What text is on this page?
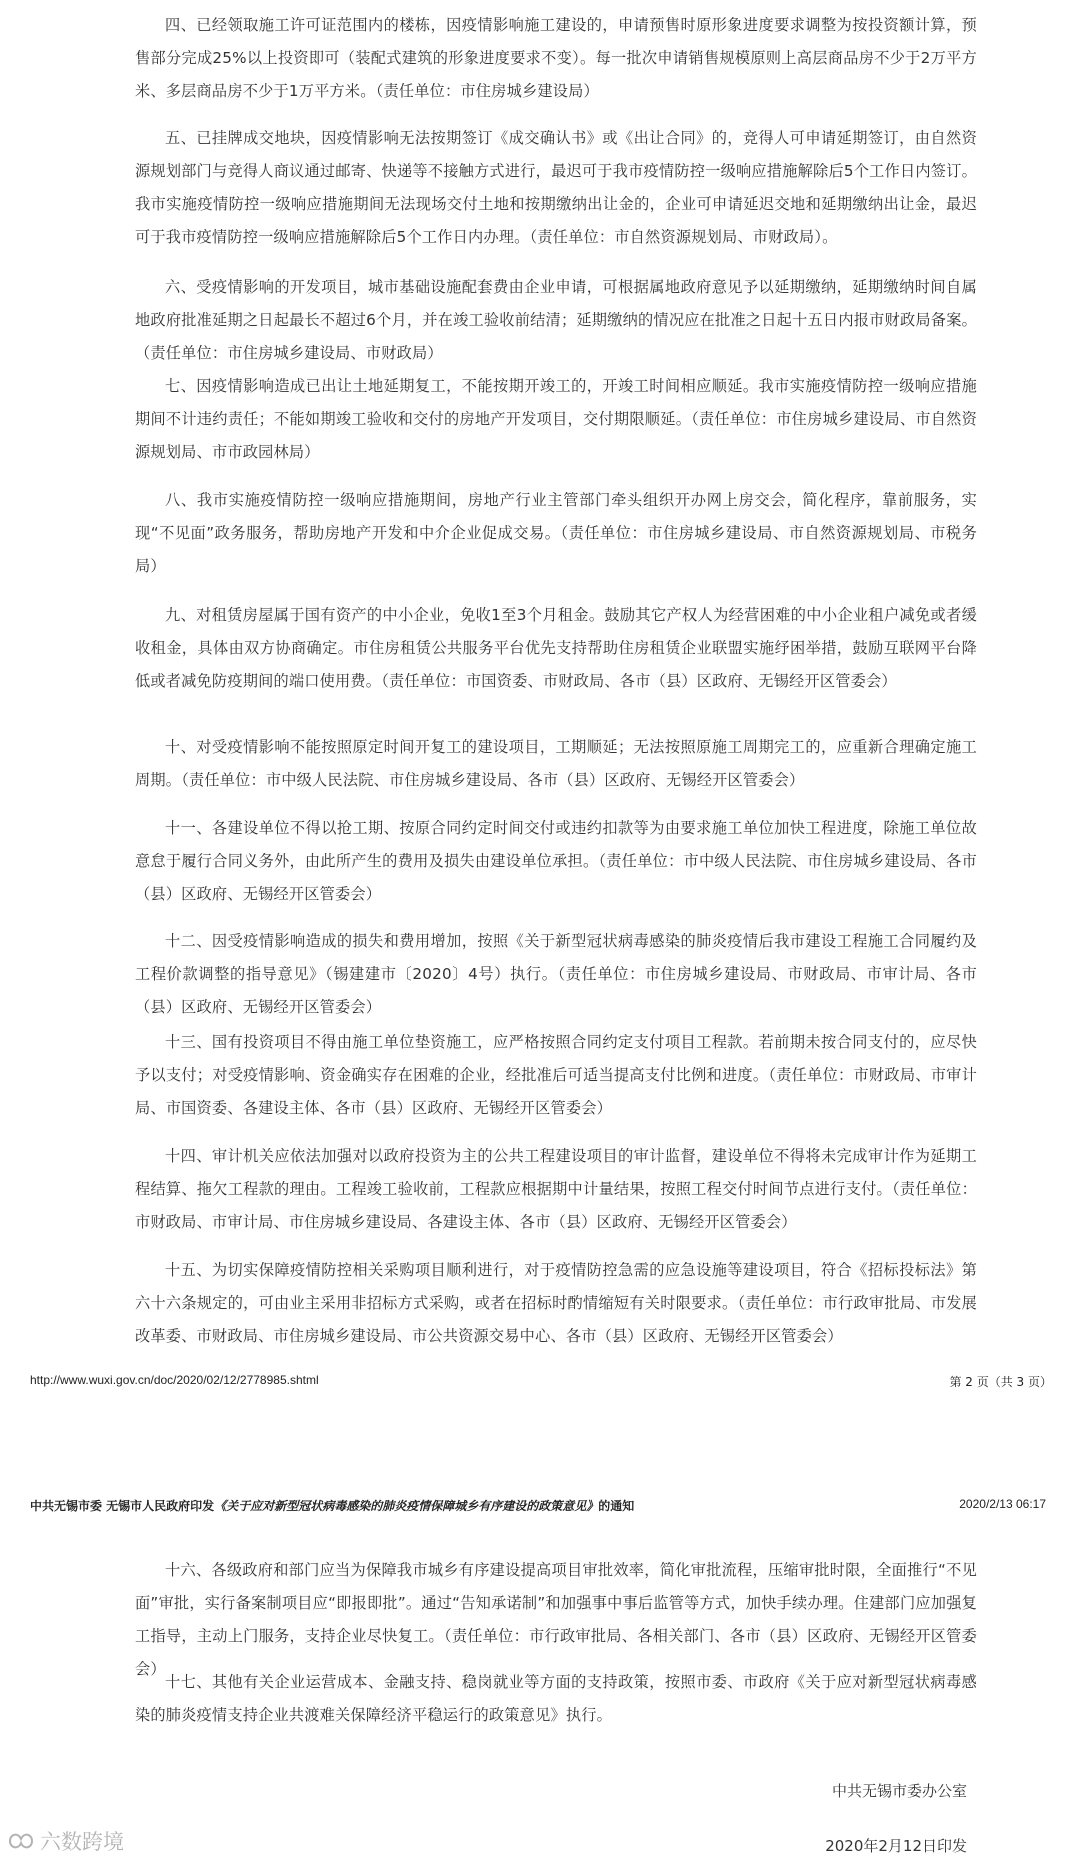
四、已经领取施工许可证范围内的楼栋，因疫情影响施工建设的，申请预售时原形象进度要求调整为按投资额计算，预售部分完成25%以上投资即可（装配式建筑的形象进度要求不变）。每一批次申请销售规模原则上高层商品房不少于2万平方米、多层商品房不少于1万平方米。（责任单位：市住房城乡建设局）

五、已挂牌成交地块，因疫情影响无法按期签订《成交确认书》或《出让合同》的，竞得人可申请延期签订，由自然资源规划部门与竞得人商议通过邮寄、快递等不接触方式进行，最迟可于我市疫情防控一级响应措施解除后5个工作日内签订。我市实施疫情防控一级响应措施期间无法现场交付土地和按期缴纳出让金的，企业可申请延迟交地和延期缴纳出让金，最迟可于我市疫情防控一级响应措施解除后5个工作日内办理。（责任单位：市自然资源规划局、市财政局）。

六、受疫情影响的开发项目，城市基础设施配套费由企业申请，可根据属地政府意见予以延期缴纳，延期缴纳时间自属地政府批准延期之日起最长不超过6个月，并在竣工验收前结清；延期缴纳的情况应在批准之日起十五日内报市财政局备案。（责任单位：市住房城乡建设局、市财政局）

七、因疫情影响造成已出让土地延期复工，不能按期开竣工的，开竣工时间相应顺延。我市实施疫情防控一级响应措施期间不计违约责任；不能如期竣工验收和交付的房地产开发项目，交付期限顺延。（责任单位：市住房城乡建设局、市自然资源规划局、市市政园林局）

八、我市实施疫情防控一级响应措施期间，房地产行业主管部门牵头组织开办网上房交会，简化程序，靠前服务，实现“不见面”政务服务，帮助房地产开发和中介企业促成交易。（责任单位：市住房城乡建设局、市自然资源规划局、市税务局）

九、对租赁房屋属于国有资产的中小企业，免收1至3个月租金。鼓励其它产权人为经营困难的中小企业租户减免或者缓收租金，具体由双方协商确定。市住房租赁公共服务平台优先支持帮助住房租赁企业联盟实施纾困举措，鼓励互联网平台降低或者减免防疫期间的端口使用费。（责任单位：市国资委、市财政局、各市（县）区政府、无锡经开区管委会）

十、对受疫情影响不能按照原定时间开复工的建设项目，工期顺延；无法按照原施工周期完工的，应重新合理确定施工周期。（责任单位：市中级人民法院、市住房城乡建设局、各市（县）区政府、无锡经开区管委会）

十一、各建设单位不得以抢工期、按原合同约定时间交付或违约扣款等为由要求施工单位加快工程进度，除施工单位故意怠于履行合同义务外，由此所产生的费用及损失由建设单位承担。（责任单位：市中级人民法院、市住房城乡建设局、各市（县）区政府、无锡经开区管委会）

十二、因受疫情影响造成的损失和费用增加，按照《关于新型冠状病毒感染的肺炎疫情后我市建设工程施工合同履约及工程价款调整的指导意见》（锡建建市〔2020〕4号）执行。（责任单位：市住房城乡建设局、市财政局、市审计局、各市（县）区政府、无锡经开区管委会）

十三、国有投资项目不得由施工单位垫资施工，应严格按照合同约定支付项目工程款。若前期未按合同支付的，应尽快予以支付；对受疫情影响、资金确实存在困难的企业，经批准后可适当提高支付比例和进度。（责任单位：市财政局、市审计局、市国资委、各建设主体、各市（县）区政府、无锡经开区管委会）

十四、审计机关应依法加强对以政府投资为主的公共工程建设项目的审计监督，建设单位不得将未完成审计作为延期工程结算、拖欠工程款的理由。工程竣工验收前，工程款应根据期中计量结果，按照工程交付时间节点进行支付。（责任单位：市财政局、市审计局、市住房城乡建设局、各建设主体、各市（县）区政府、无锡经开区管委会）

十五、为切实保障疫情防控相关采购项目顺利进行，对于疫情防控急需的应急设施等建设项目，符合《招标投标法》第六十六条规定的，可由业主采用非招标方式采购，或者在招标时酌情缩短有关时限要求。（责任单位：市行政审批局、市发展改革委、市财政局、市住房城乡建设局、市公共资源交易中心、各市（县）区政府、无锡经开区管委会）

http://www.wuxi.gov.cn/doc/2020/02/12/2778985.shtml	第 2 页（共 3 页）
中共无锡市委 无锡市人民政府印发《关于应对新型冠状病毒感染的肺炎疫情保障城乡有序建设的政策意见》的通知	2020/2/13 06:17

十六、各级政府和部门应当为保障我市城乡有序建设提高项目审批效率，简化审批流程，压缩审批时限，全面推行“不见面”审批，实行备案制项目应“即报即批”。通过“告知承诺制”和加强事中事后监管等方式，加快手续办理。住建部门应加强复工指导，主动上门服务，支持企业尽快复工。（责任单位：市行政审批局、各相关部门、各市（县）区政府、无锡经开区管委会）

十七、其他有关企业运营成本、金融支持、稳岗就业等方面的支持政策，按照市委、市政府《关于应对新型冠状病毒感染的肺炎疫情支持企业共渡难关保障经济平稳运行的政策意见》执行。

中共无锡市委办公室
2020年2月12日印发
六数跨境
